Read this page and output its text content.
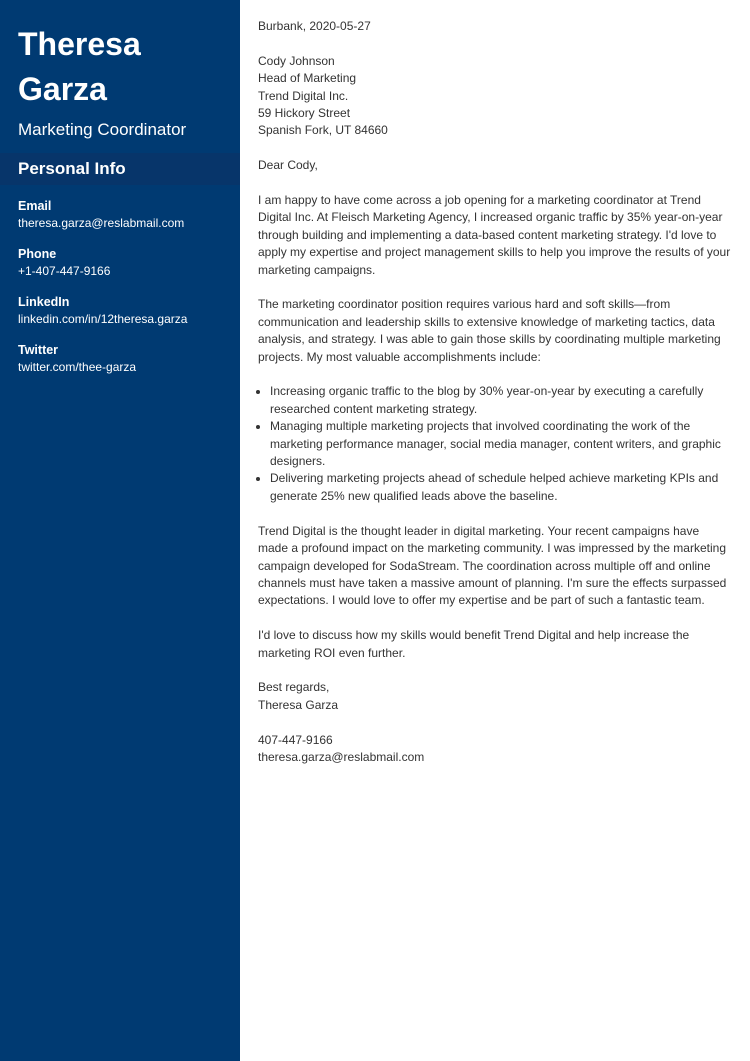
Theresa
Garza
Marketing Coordinator
Personal Info
Email
theresa.garza@reslabmail.com
Phone
+1-407-447-9166
LinkedIn
linkedin.com/in/12theresa.garza
Twitter
twitter.com/thee-garza

Burbank, 2020-05-27

Cody Johnson
Head of Marketing
Trend Digital Inc.
59 Hickory Street
Spanish Fork, UT 84660

Dear Cody,

I am happy to have come across a job opening for a marketing coordinator at Trend Digital Inc. At Fleisch Marketing Agency, I increased organic traffic by 35% year-on-year through building and implementing a data-based content marketing strategy. I'd love to apply my expertise and project management skills to help you improve the results of your marketing campaigns.

The marketing coordinator position requires various hard and soft skills—from communication and leadership skills to extensive knowledge of marketing tactics, data analysis, and strategy. I was able to gain those skills by coordinating multiple marketing projects. My most valuable accomplishments include:

• Increasing organic traffic to the blog by 30% year-on-year by executing a carefully researched content marketing strategy.
• Managing multiple marketing projects that involved coordinating the work of the marketing performance manager, social media manager, content writers, and graphic designers.
• Delivering marketing projects ahead of schedule helped achieve marketing KPIs and generate 25% new qualified leads above the baseline.

Trend Digital is the thought leader in digital marketing. Your recent campaigns have made a profound impact on the marketing community. I was impressed by the marketing campaign developed for SodaStream. The coordination across multiple off and online channels must have taken a massive amount of planning. I'm sure the effects surpassed expectations. I would love to offer my expertise and be part of such a fantastic team.

I'd love to discuss how my skills would benefit Trend Digital and help increase the marketing ROI even further.

Best regards,
Theresa Garza

407-447-9166
theresa.garza@reslabmail.com
